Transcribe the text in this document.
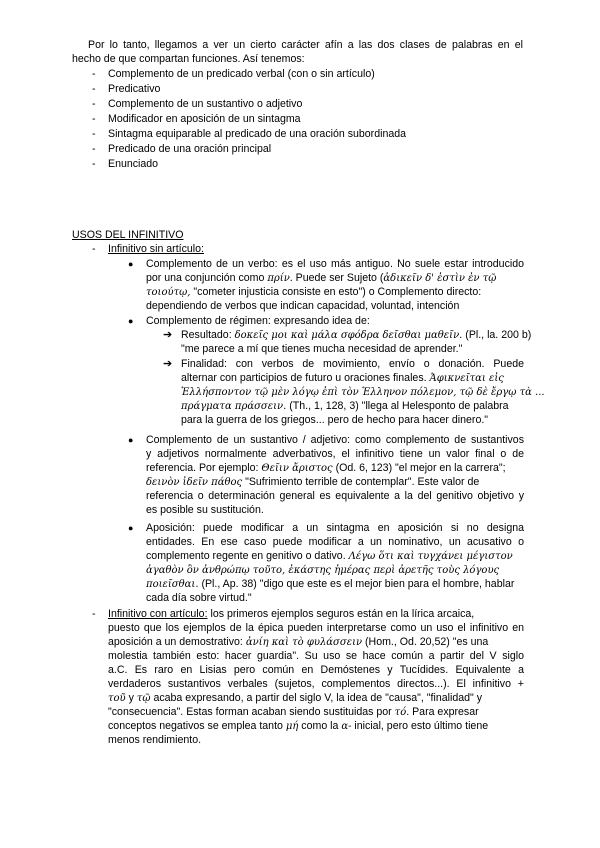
Por lo tanto, llegamos a ver un cierto carácter afín a las dos clases de palabras en el
hecho de que compartan funciones. Así tenemos:
- Complemento de un predicado verbal (con o sin artículo)
- Predicativo
- Complemento de un sustantivo o adjetivo
- Modificador en aposición de un sintagma
- Sintagma equiparable al predicado de una oración subordinada
- Predicado de una oración principal
- Enunciado
USOS DEL INFINITIVO
- Infinitivo sin artículo:
● Complemento de un verbo: es el uso más antiguo. No suele estar introducido
por una conjunción como πρίν. Puede ser Sujeto (ἀδικεῖν δ' ἐστὶν ἐν τῷ
τοιούτῳ, "cometer injusticia consiste en esto") o Complemento directo:
dependiendo de verbos que indican capacidad, voluntad, intención
● Complemento de régimen: expresando idea de:
➔ Resultado: δοκεῖς μοι καὶ μάλα σφόδρα δεῖσθαι μαθεῖν. (Pl., la. 200 b)
"me parece a mí que tienes mucha necesidad de aprender."
➔ Finalidad: con verbos de movimiento, envío o donación. Puede
alternar con participios de futuro u oraciones finales. Ἀφικνεῖται εἰς
Ἑλλήσποντον τῷ μὲν λόγῳ ἐπὶ τὸν Ἑλληνον πόλεμον, τῷ δὲ ἔργῳ τὰ ...
πράγματα πράσσειν. (Th., 1, 128, 3) "llega al Helesponto de palabra
para la guerra de los griegos... pero de hecho para hacer dinero."
● Complemento de un sustantivo / adjetivo: como complemento de sustantivos
y adjetivos normalmente adverbativos, el infinitivo tiene un valor final o de
referencia. Por ejemplo: Θεῖιν ἄριστος (Od. 6, 123) "el mejor en la carrera";
δεινὸν ἰδεῖν πάθος "Sufrimiento terrible de contemplar". Este valor de
referencia o determinación general es equivalente a la del genitivo objetivo y
es posible su sustitución.
● Aposición: puede modificar a un sintagma en aposición si no designa
entidades. En ese caso puede modificar a un nominativo, un acusativo o
complemento regente en genitivo o dativo. Λέγω ὅτι καὶ τυγχάνει μέγιστον
ἀγαθὸν ὂν ἀνθρώπῳ τοῦτο, ἑκάστης ἡμέρας περὶ ἀρετῆς τοὺς λόγους
ποιεῖσθαι. (Pl., Ap. 38) "digo que este es el mejor bien para el hombre, hablar
cada día sobre virtud."
- Infinitivo con artículo: los primeros ejemplos seguros están en la lírica arcaica,
puesto que los ejemplos de la épica pueden interpretarse como un uso el infinitivo en
aposición a un demostrativo: ἀνίη καὶ τὸ φυλάσσειν (Hom., Od. 20,52) "es una
molestia también esto: hacer guardia". Su uso se hace común a partir del V siglo
a.C. Es raro en Lisias pero común en Demóstenes y Tucídides. Equivalente a
verdaderos sustantivos verbales (sujetos, complementos directos...). El infinitivo +
τοῦ y τῷ acaba expresando, a partir del siglo V, la idea de "causa", "finalidad" y
"consecuencia". Estas forman acaban siendo sustituidas por τό. Para expresar
conceptos negativos se emplea tanto μή como la α- inicial, pero esto último tiene
menos rendimiento.
